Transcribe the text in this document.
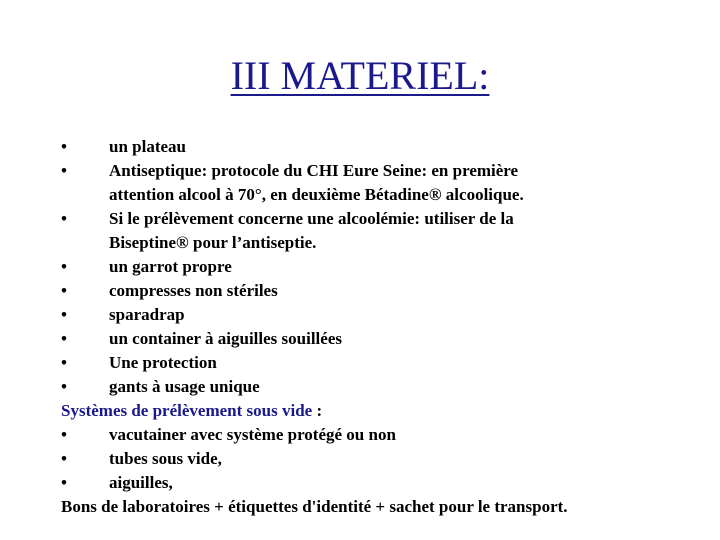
III MATERIEL:
• un plateau
• Antiseptique: protocole du CHI Eure Seine: en première
attention alcool à 70°, en deuxième Bétadine® alcoolique.
• Si le prélèvement concerne une alcoolémie: utiliser de la
Biseptine® pour l’antiseptie.
• un garrot propre
• compresses non stériles
• sparadrap
• un container à aiguilles souillées
• Une protection
• gants à usage unique
Systèmes de prélèvement sous vide :
• vacutainer avec système protégé ou non
• tubes sous vide,
• aiguilles,
Bons de laboratoires + étiquettes d'identité + sachet pour le transport.
